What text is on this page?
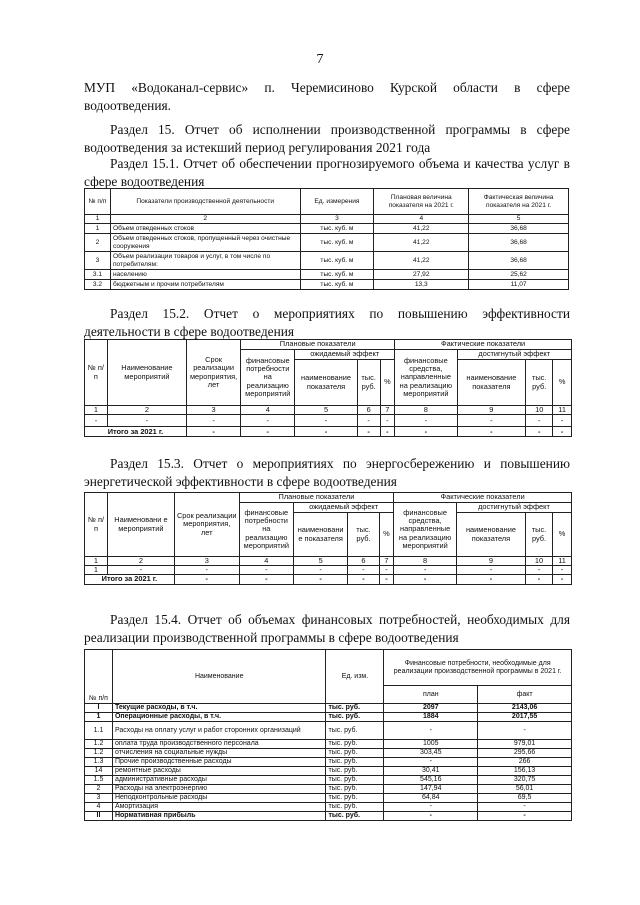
7
МУП «Водоканал-сервис» п. Черемисиново Курской области в сфере водоотведения.
Раздел 15. Отчет об исполнении производственной программы в сфере водоотведения за истекший период регулирования 2021 года
Раздел 15.1. Отчет об обеспечении прогнозируемого объема и качества услуг в сфере водоотведения
№ п/п	Показатели производственной деятельности	Ед. измерения	Плановая величина показателя на 2021 г.	Фактическая величина показателя на 2021 г.
1	2	3	4	5
1	Объем отведенных стоков	тыс. куб. м	41,22	36,68
2	Объем отведенных стоков, пропущенный через очистные сооружения	тыс. куб. м	41,22	36,68
3	Объем реализации товаров и услуг, в том числе по потребителям:	тыс. куб. м	41,22	36,68
3.1	населению	тыс. куб. м	27,92	25,62
3.2	бюджетным и прочим потребителям	тыс. куб. м	13,3	11,07
Раздел 15.2. Отчет о мероприятиях по повышению эффективности деятельности в сфере водоотведения
№ п/ п	Наименование мероприятий	Срок реализации мероприятия, лет	Плановые показатели				Фактические показатели			
			финансовые потребности на реализацию мероприятий	ожидаемый эффект			финансовые средства, направленные на реализацию мероприятий	достигнутый эффект		
				наименование показателя	тыс. руб.	%		наименование показателя	тыс. руб.	%
1	2	3	4	5	6	7	8	9	10	11
-	-	-	-	-	-	-	-	-	-	-
Итого за 2021 г.		-	-	-	-	-	-	-	-	-
Раздел 15.3. Отчет о мероприятиях по энергосбережению и повышению энергетической эффективности в сфере водоотведения
№ п/ п	Наименовани е мероприятий	Срок реализации мероприятия, лет	Плановые показатели				Фактические показатели			
			финансовые потребности на реализацию мероприятий	ожидаемый эффект			финансовые средства, направленные на реализацию мероприятий	достигнутый эффект		
				наименовани е показателя	тыс. руб.	%		наименование показателя	тыс. руб.	%
1	2	3	4	5	6	7	8	9	10	11
1	-	-	-	-	-	-	-	-	-	-
Итого за 2021 г.		-	-	-	-	-	-	-	-	-
Раздел 15.4. Отчет об объемах финансовых потребностей, необходимых для реализации производственной программы в сфере водоотведения
№ п/п	Наименование	Ед. изм.	Финансовые потребности, необходимые для реализации производственной программы в 2021 г.	
			план	факт
I	Текущие расходы, в т.ч.	тыс. руб.	2097	2143,06
1	Операционные расходы, в т.ч.	тыс. руб.	1884	2017,55
1.1	Расходы на оплату услуг и работ сторонних организаций	тыс. руб.	-	-
1.2	оплата труда производственного персонала	тыс. руб.	1005	979,01
1.2	отчисления на социальные нужды	тыс. руб.	303,45	295,66
1.3	Прочие производственные расходы	тыс. руб.	-	266
14	ремонтные расходы	тыс. руб.	30,41	156,13
1.5	административные расходы	тыс. руб.	545,16	320,75
2	Расходы на электроэнергию	тыс. руб.	147,94	56,01
3	Неподконтрольные расходы	тыс. руб.	64,84	69,5
4	Амортизация	тыс. руб.	-	-
II	Нормативная прибыль	тыс. руб.	-	-
